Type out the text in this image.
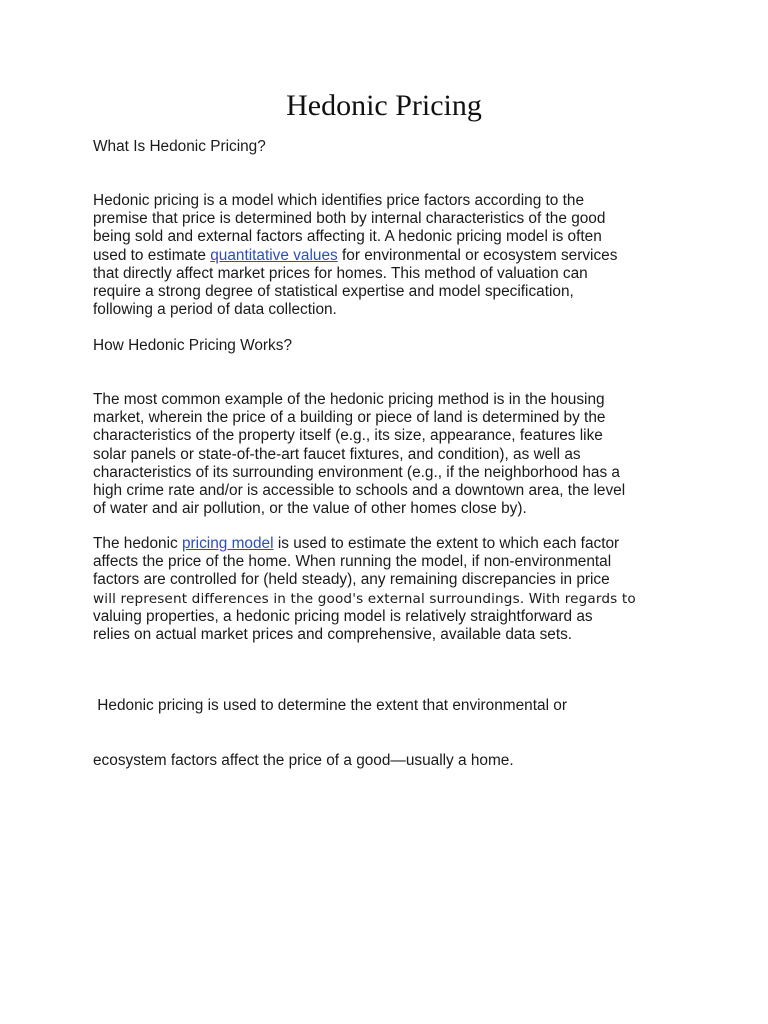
Hedonic Pricing

What Is Hedonic Pricing?

Hedonic pricing is a model which identifies price factors according to the
premise that price is determined both by internal characteristics of the good
being sold and external factors affecting it. A hedonic pricing model is often
used to estimate quantitative values for environmental or ecosystem services
that directly affect market prices for homes. This method of valuation can
require a strong degree of statistical expertise and model specification,
following a period of data collection.

How Hedonic Pricing Works?

The most common example of the hedonic pricing method is in the housing
market, wherein the price of a building or piece of land is determined by the
characteristics of the property itself (e.g., its size, appearance, features like
solar panels or state-of-the-art faucet fixtures, and condition), as well as
characteristics of its surrounding environment (e.g., if the neighborhood has a
high crime rate and/or is accessible to schools and a downtown area, the level
of water and air pollution, or the value of other homes close by).

The hedonic pricing model is used to estimate the extent to which each factor
affects the price of the home. When running the model, if non-environmental
factors are controlled for (held steady), any remaining discrepancies in price
will represent differences in the good's external surroundings. With regards to
valuing properties, a hedonic pricing model is relatively straightforward as
relies on actual market prices and comprehensive, available data sets.

Hedonic pricing is used to determine the extent that environmental or

ecosystem factors affect the price of a good—usually a home.
